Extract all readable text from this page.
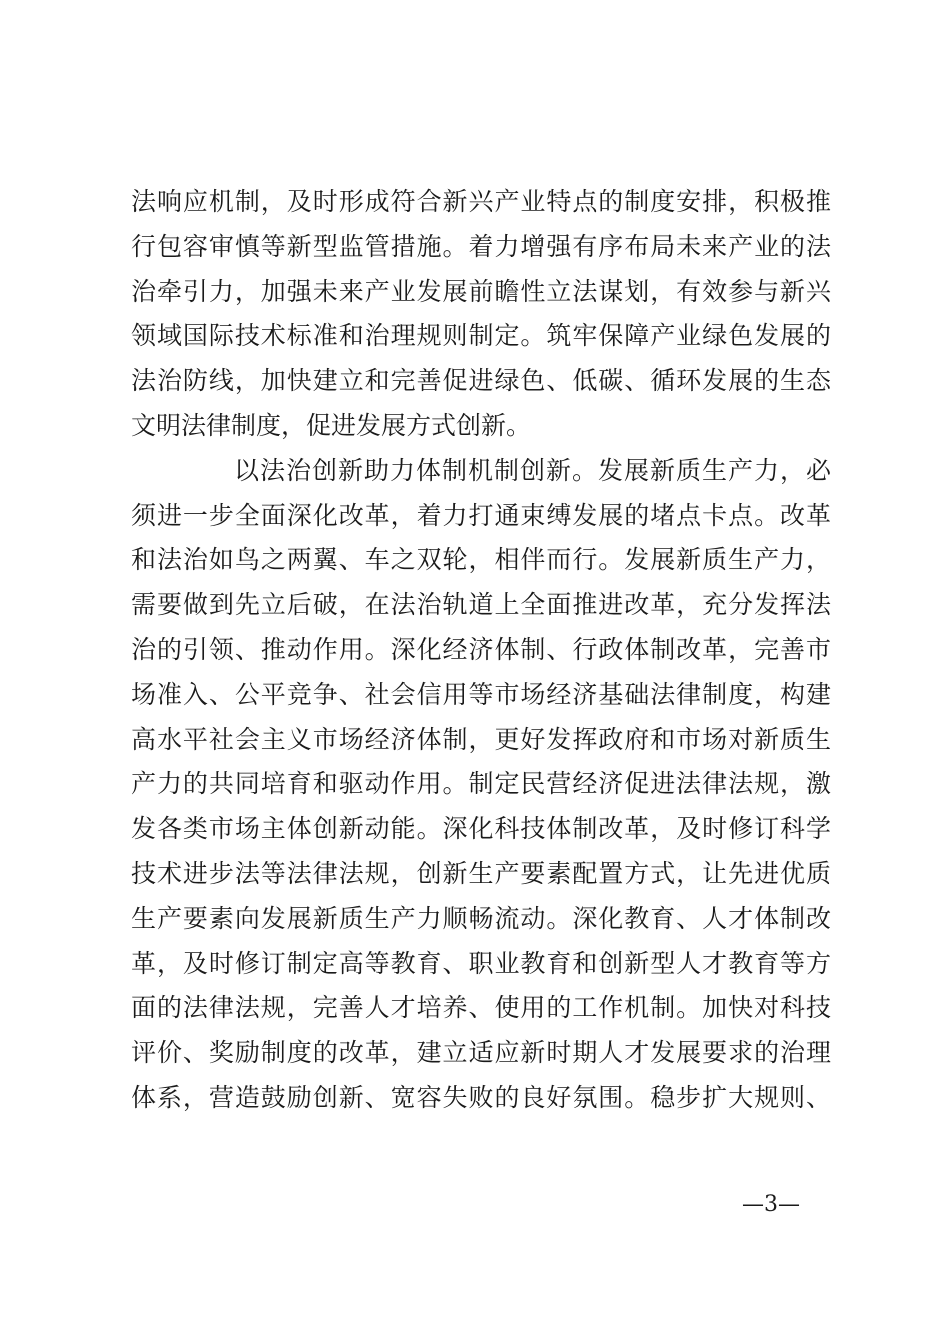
法响应机制，及时形成符合新兴产业特点的制度安排，积极推
行包容审慎等新型监管措施。着力增强有序布局未来产业的法
治牵引力，加强未来产业发展前瞻性立法谋划，有效参与新兴
领域国际技术标准和治理规则制定。筑牢保障产业绿色发展的
法治防线，加快建立和完善促进绿色、低碳、循环发展的生态
文明法律制度，促进发展方式创新。
以法治创新助力体制机制创新。发展新质生产力，必
须进一步全面深化改革，着力打通束缚发展的堵点卡点。改革
和法治如鸟之两翼、车之双轮，相伴而行。发展新质生产力，
需要做到先立后破，在法治轨道上全面推进改革，充分发挥法
治的引领、推动作用。深化经济体制、行政体制改革，完善市
场准入、公平竞争、社会信用等市场经济基础法律制度，构建
高水平社会主义市场经济体制，更好发挥政府和市场对新质生
产力的共同培育和驱动作用。制定民营经济促进法律法规，激
发各类市场主体创新动能。深化科技体制改革，及时修订科学
技术进步法等法律法规，创新生产要素配置方式，让先进优质
生产要素向发展新质生产力顺畅流动。深化教育、人才体制改
革，及时修订制定高等教育、职业教育和创新型人才教育等方
面的法律法规，完善人才培养、使用的工作机制。加快对科技
评价、奖励制度的改革，建立适应新时期人才发展要求的治理
体系，营造鼓励创新、宽容失败的良好氛围。稳步扩大规则、
—3—
